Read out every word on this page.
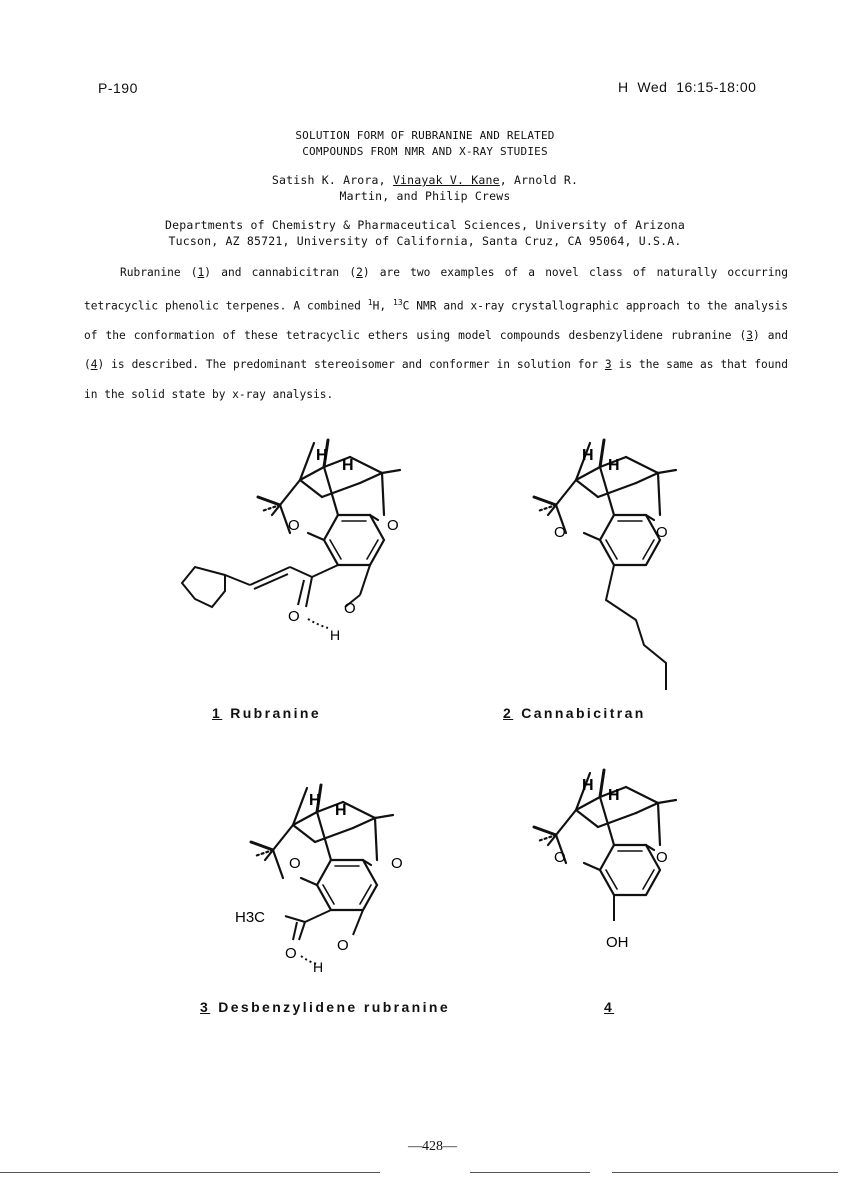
P-190	H  Wed  16:15-18:00
SOLUTION FORM OF RUBRANINE AND RELATED
COMPOUNDS FROM NMR AND X-RAY STUDIES
Satish K. Arora, Vinayak V. Kane, Arnold R.
Martin, and Philip Crews
Departments of Chemistry & Pharmaceutical Sciences, University of Arizona
Tucson, AZ 85721, University of California, Santa Cruz, CA 95064, U.S.A.
Rubranine (1) and cannabicitran (2) are two examples of a novel class of naturally occurring tetracyclic phenolic terpenes. A combined $^1$H, $^{13}$C NMR and x-ray crystallographic approach to the analysis of the conformation of these tetracyclic ethers using model compounds desbenzylidene rubranine (3) and (4) is described. The predominant stereoisomer and conformer in solution for 3 is the same as that found in the solid state by x-ray analysis.
H
H
O	O
O	O
H
H
H
O	O
H
H
O	O
H3C
O	O
H
H
H
O	O
OH
1 Rubranine	2 Cannabicitran
3 Desbenzylidene rubranine	4
—428—
